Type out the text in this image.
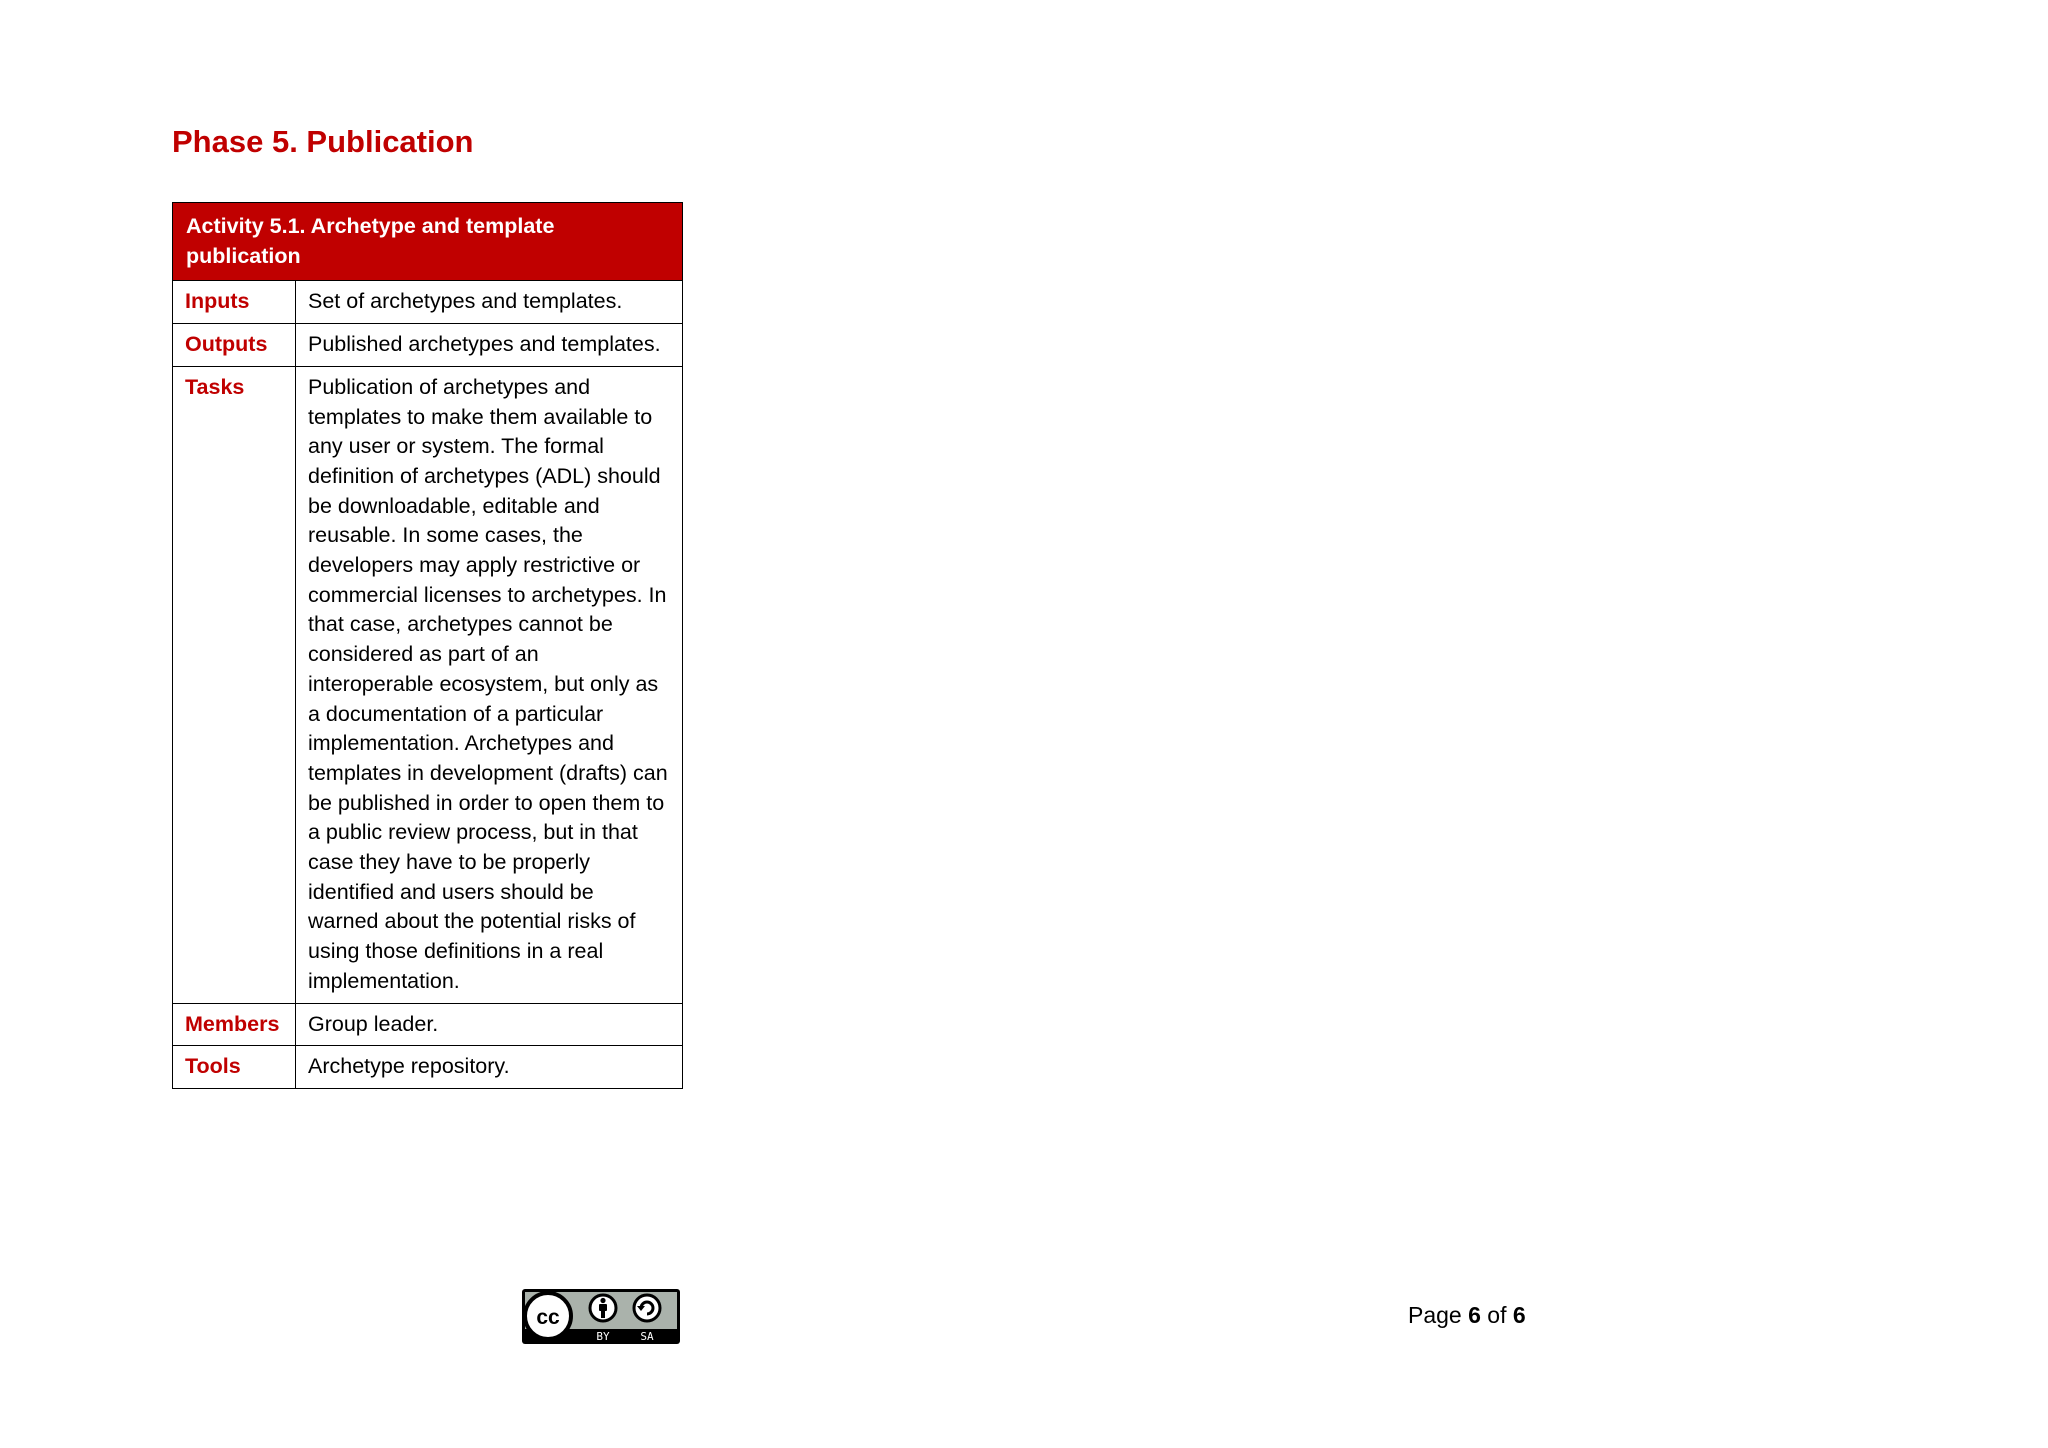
Phase 5. Publication
Activity 5.1. Archetype and template publication	
Inputs	Set of archetypes and templates.
Outputs	Published archetypes and templates.
Tasks	Publication of archetypes and templates to make them available to any user or system. The formal definition of archetypes (ADL) should be downloadable, editable and reusable. In some cases, the developers may apply restrictive or commercial licenses to archetypes. In that case, archetypes cannot be considered as part of an interoperable ecosystem, but only as a documentation of a particular implementation. Archetypes and templates in development (drafts) can be published in order to open them to a public review process, but in that case they have to be properly identified and users should be warned about the potential risks of using those definitions in a real implementation.
Members	Group leader.
Tools	Archetype repository.
cc
BY	SA
Page 6 of 6
